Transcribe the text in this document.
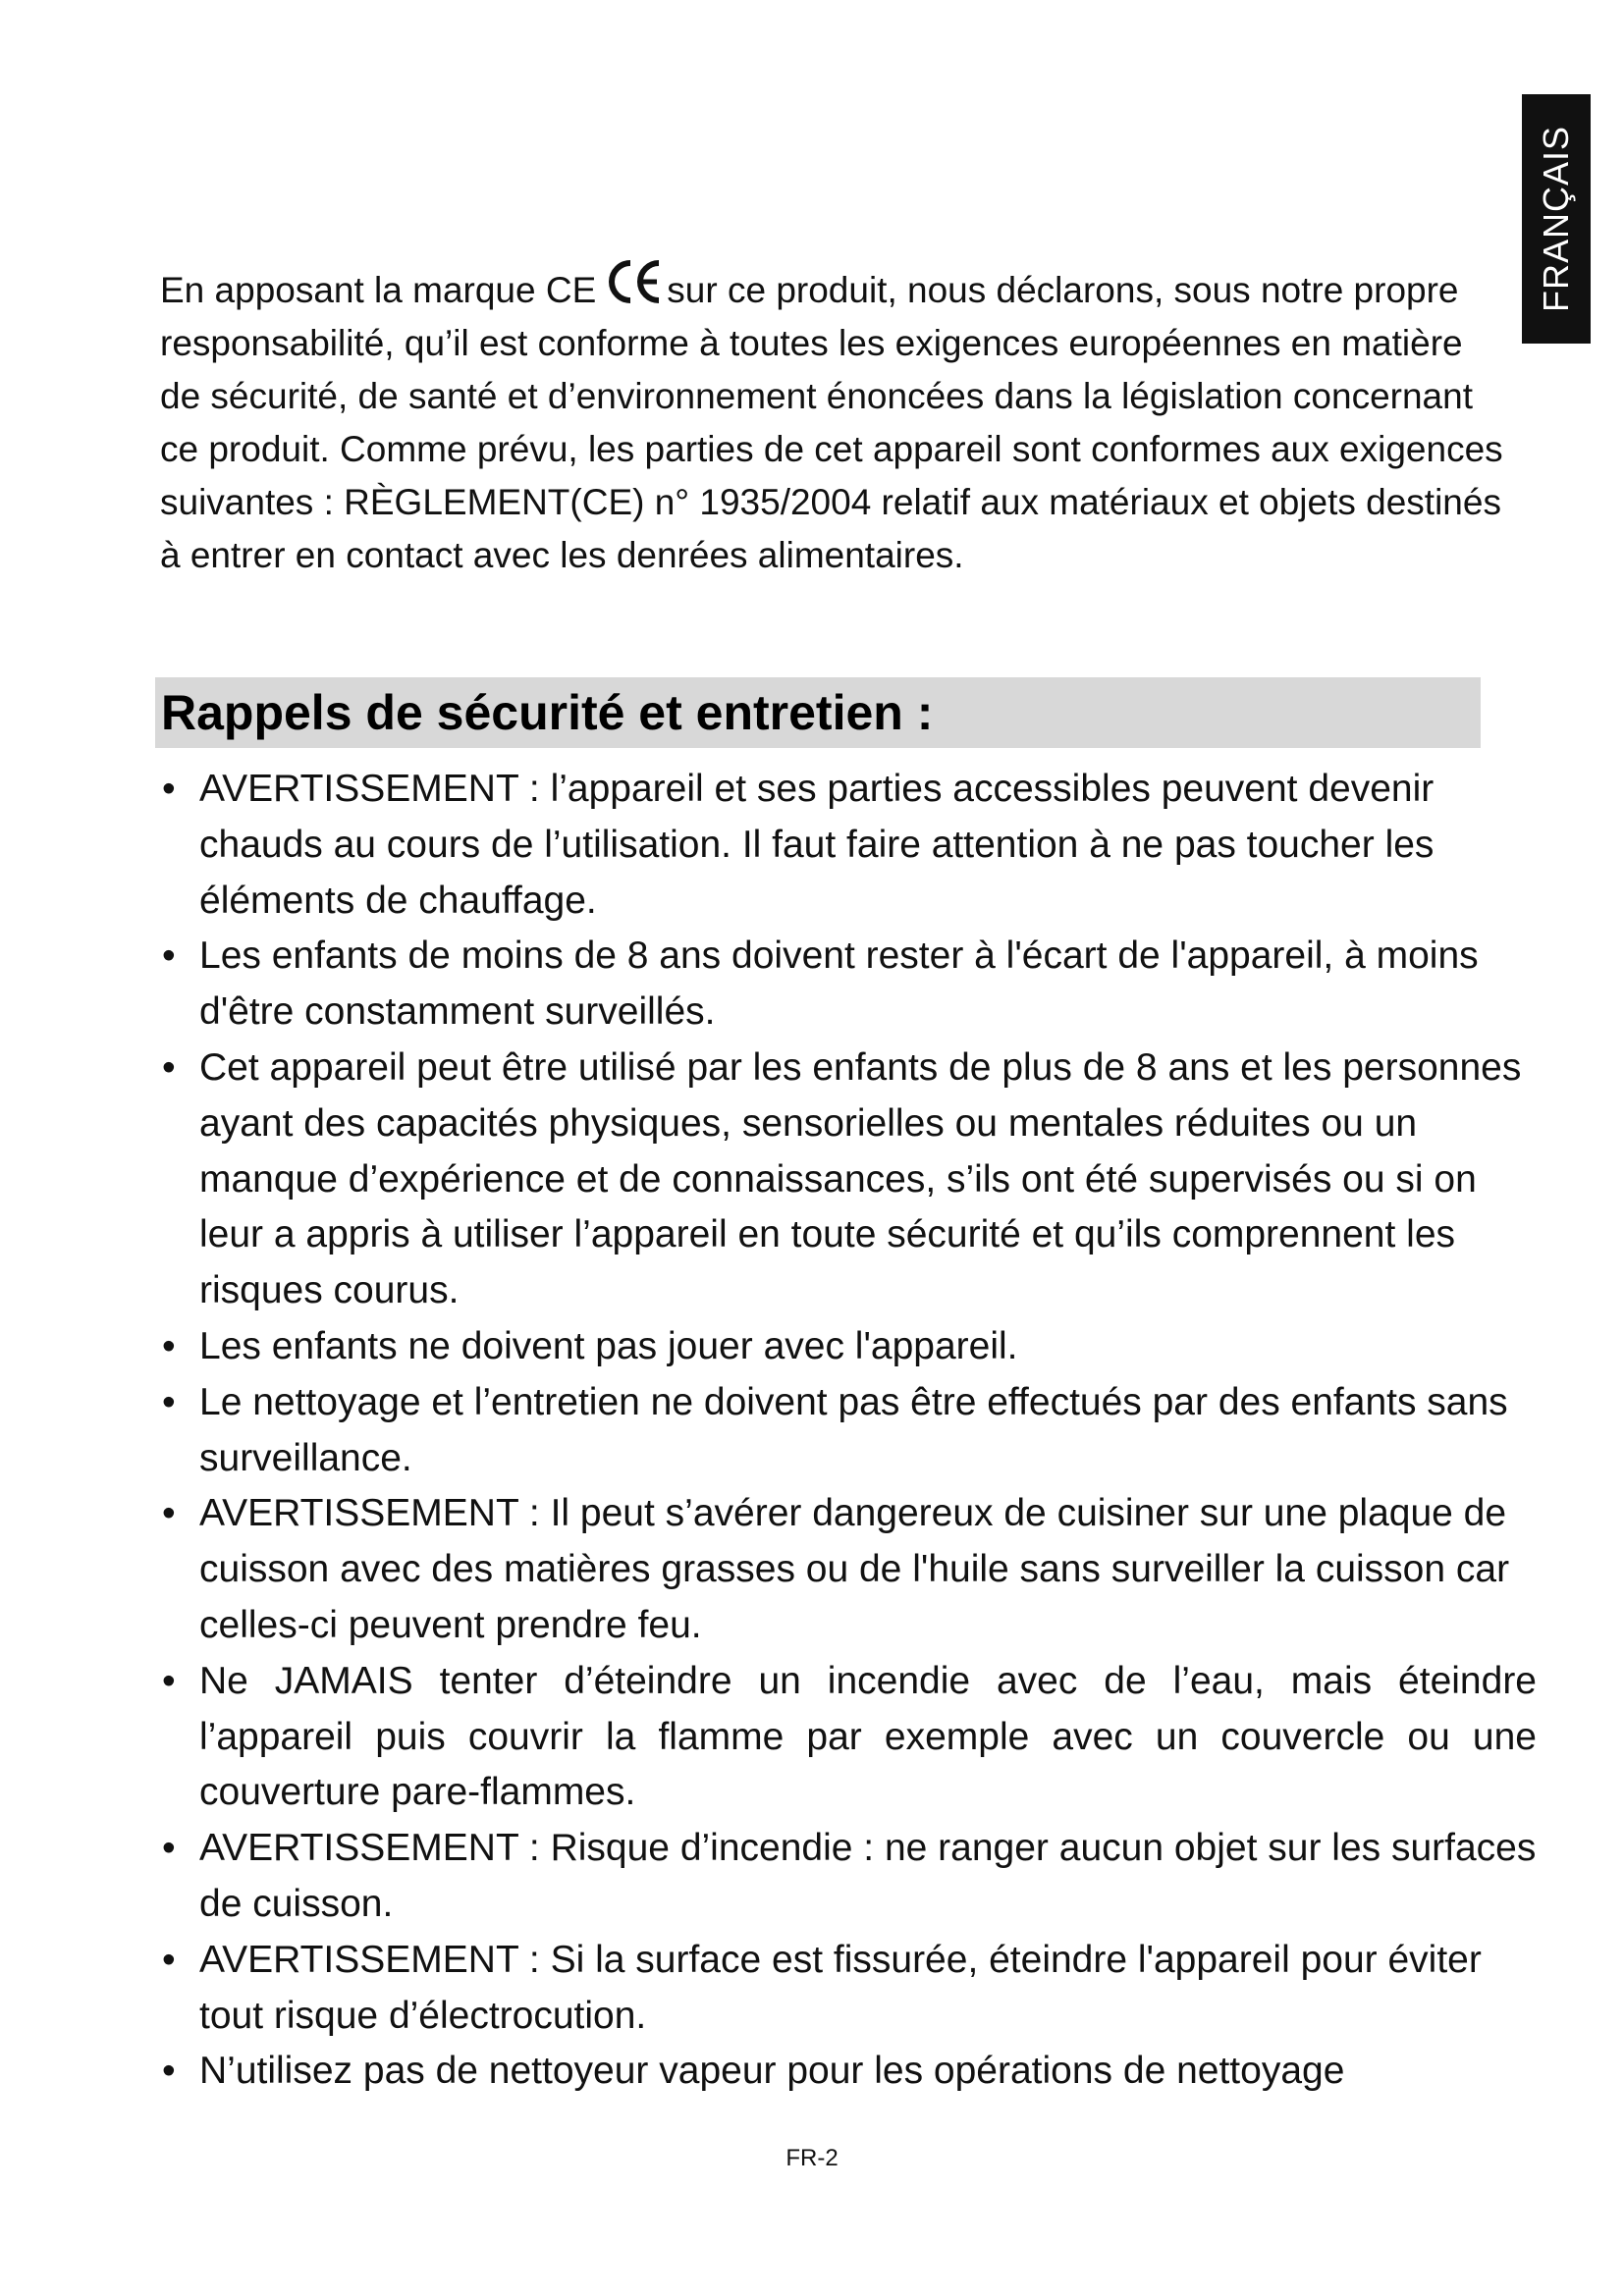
FRANÇAIS

En apposant la marque CE sur ce produit, nous déclarons, sous notre propre responsabilité, qu’il est conforme à toutes les exigences européennes en matière de sécurité, de santé et d’environnement énoncées dans la législation concernant ce produit. Comme prévu, les parties de cet appareil sont conformes aux exigences suivantes : RÈGLEMENT(CE) n° 1935/2004 relatif aux matériaux et objets destinés à entrer en contact avec les denrées alimentaires.

Rappels de sécurité et entretien :
• AVERTISSEMENT : l’appareil et ses parties accessibles peuvent devenir chauds au cours de l’utilisation. Il faut faire attention à ne pas toucher les éléments de chauffage.
• Les enfants de moins de 8 ans doivent rester à l'écart de l'appareil, à moins d'être constamment surveillés.
• Cet appareil peut être utilisé par les enfants de plus de 8 ans et les personnes ayant des capacités physiques, sensorielles ou mentales réduites ou un manque d’expérience et de connaissances, s’ils ont été supervisés ou si on leur a appris à utiliser l’appareil en toute sécurité et qu’ils comprennent les risques courus.
• Les enfants ne doivent pas jouer avec l'appareil.
• Le nettoyage et l’entretien ne doivent pas être effectués par des enfants sans surveillance.
• AVERTISSEMENT : Il peut s’avérer dangereux de cuisiner sur une plaque de cuisson avec des matières grasses ou de l'huile sans surveiller la cuisson car celles-ci peuvent prendre feu.
• Ne JAMAIS tenter d’éteindre un incendie avec de l’eau, mais éteindre l’appareil puis couvrir la flamme par exemple avec un couvercle ou une couverture pare-flammes.
• AVERTISSEMENT : Risque d’incendie : ne ranger aucun objet sur les surfaces de cuisson.
• AVERTISSEMENT : Si la surface est fissurée, éteindre l'appareil pour éviter tout risque d’électrocution.
• N’utilisez pas de nettoyeur vapeur pour les opérations de nettoyage
FR-2
